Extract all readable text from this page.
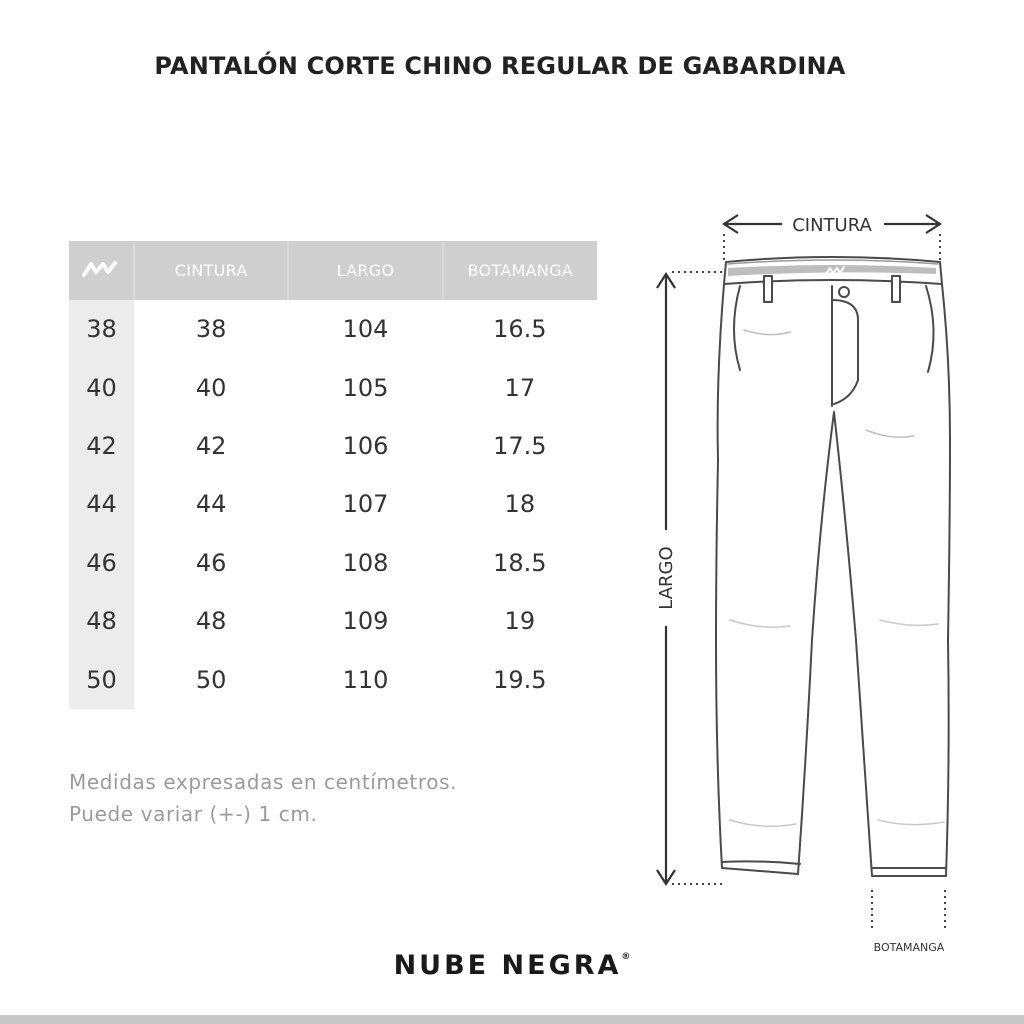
PANTALÓN CORTE CHINO REGULAR DE GABARDINA
	CINTURA	LARGO	BOTAMANGA
38	38	104	16.5
40	40	105	17
42	42	106	17.5
44	44	107	18
46	46	108	18.5
48	48	109	19
50	50	110	19.5
Medidas expresadas en centímetros.
Puede variar (+-) 1 cm.
CINTURA
LARGO
BOTAMANGA
NUBE NEGRA®
